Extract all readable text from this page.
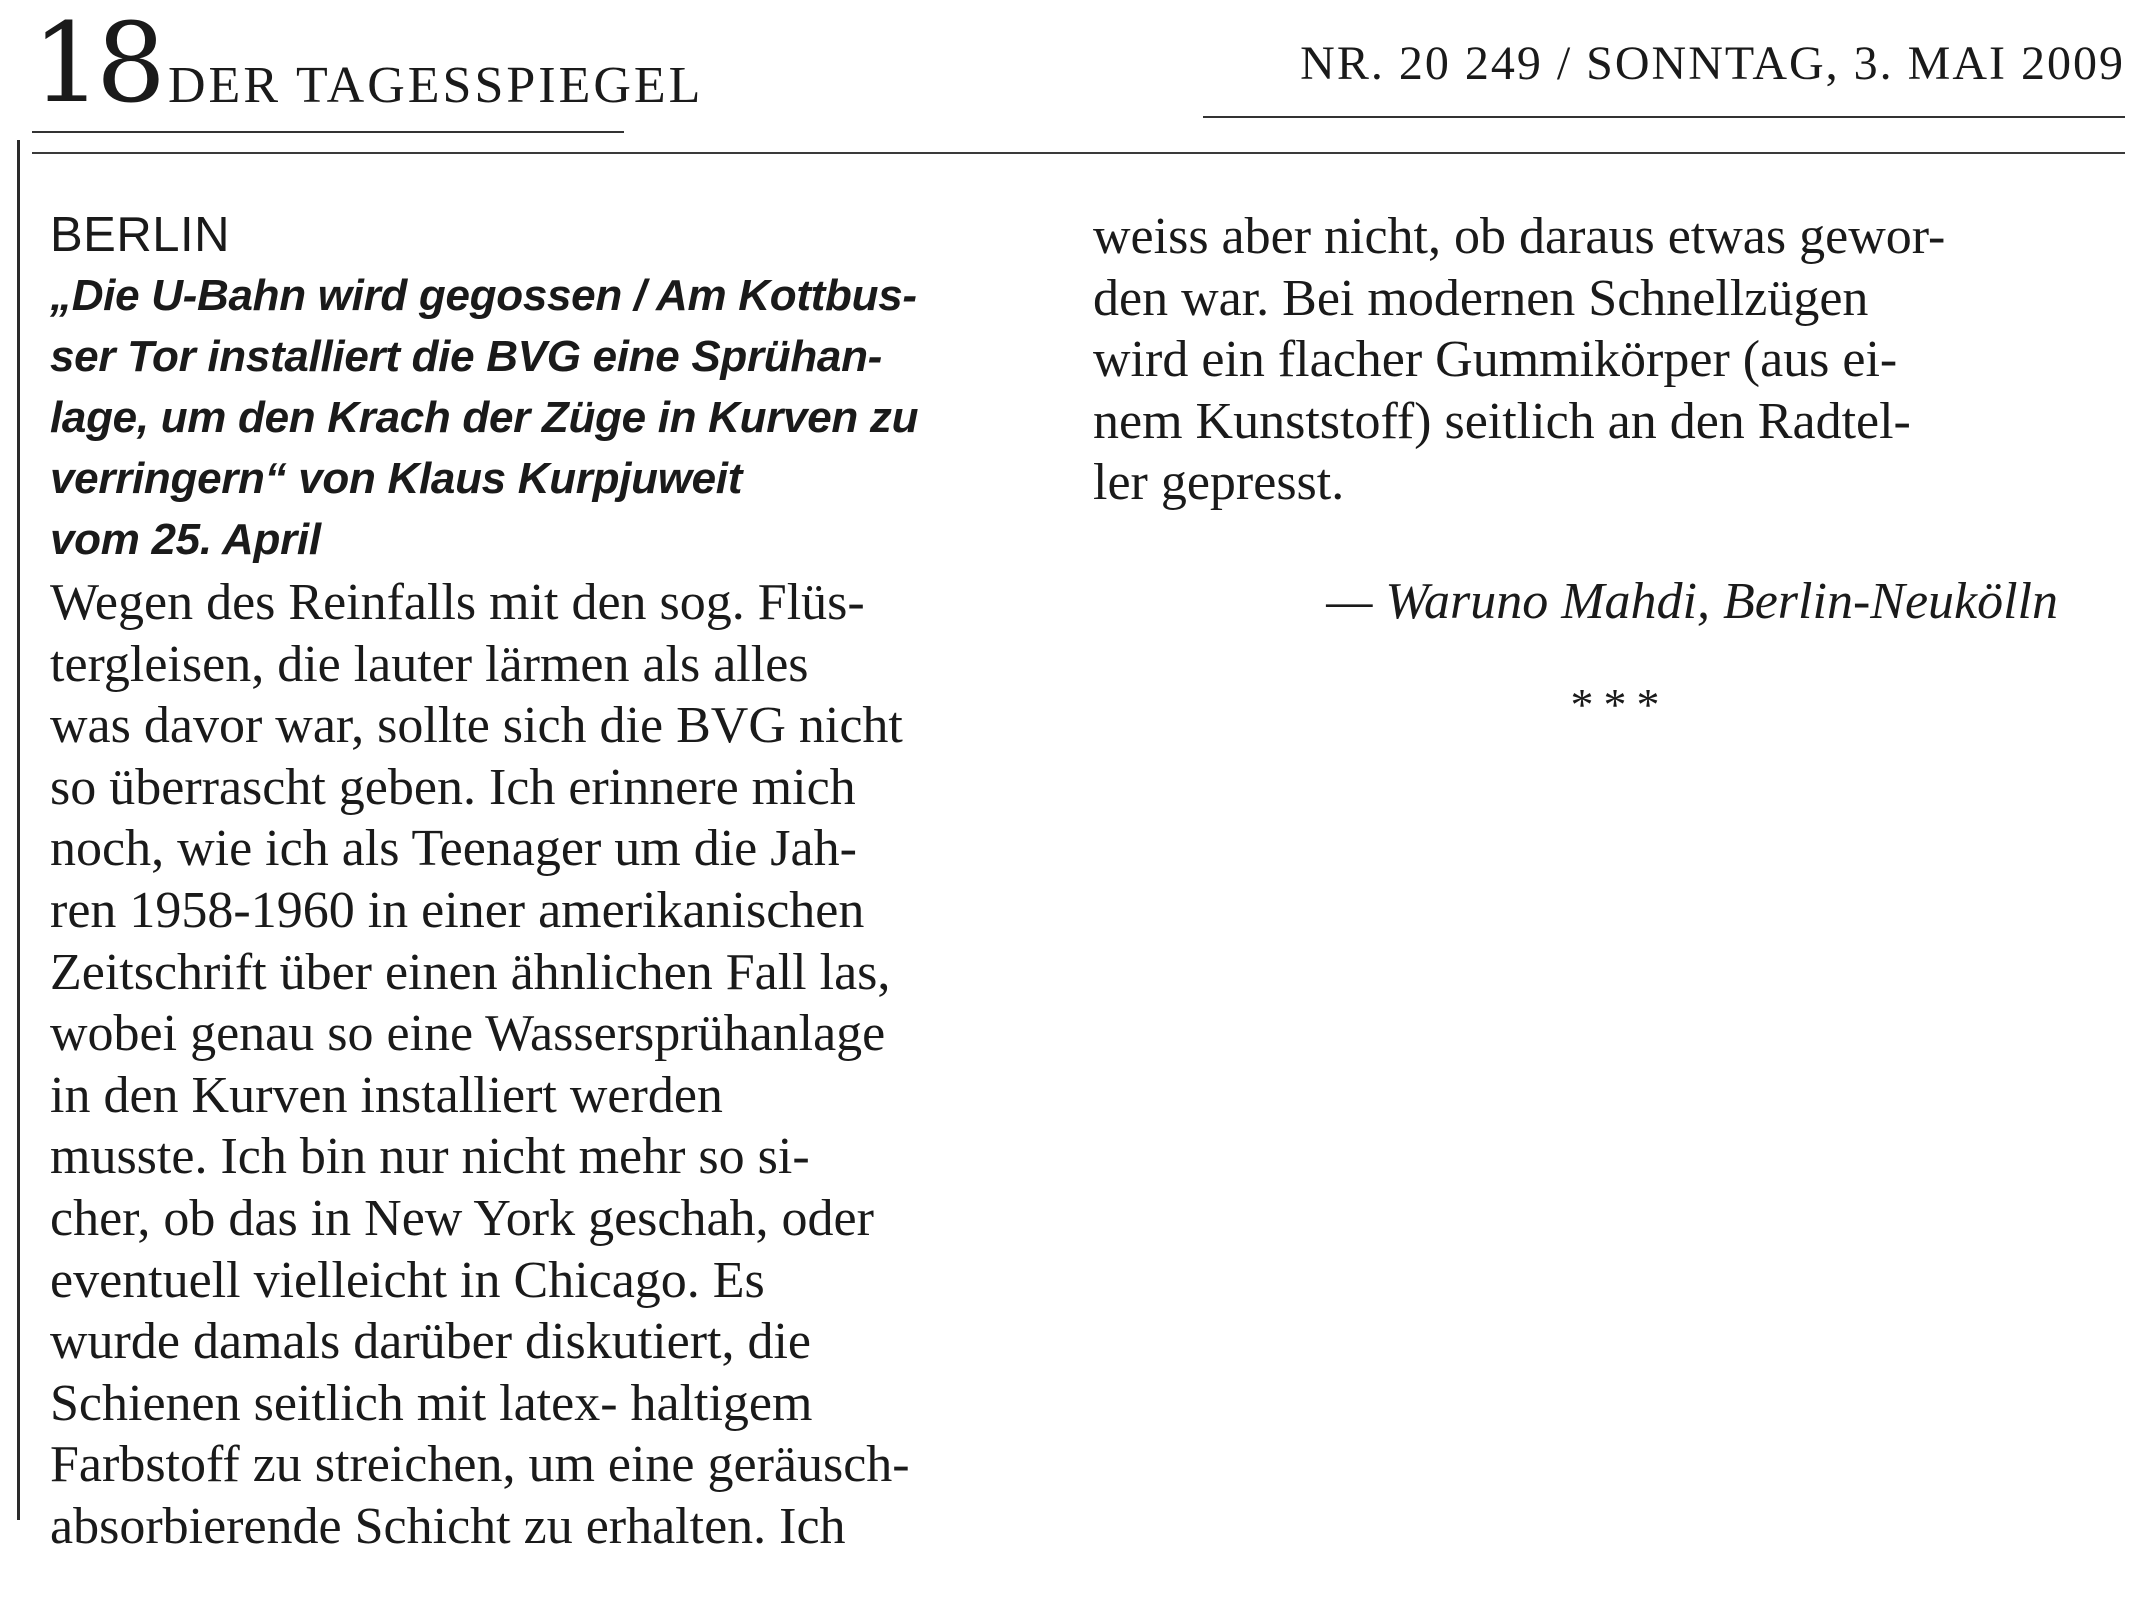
18 DER TAGESSPIEGEL	NR. 20 249 / SONNTAG, 3. MAI 2009
BERLIN
„Die U-Bahn wird gegossen / Am Kottbus-
ser Tor installiert die BVG eine Sprühan-
lage, um den Krach der Züge in Kurven zu
verringern“ von Klaus Kurpjuweit
vom 25. April
Wegen des Reinfalls mit den sog. Flüs-
tergleisen, die lauter lärmen als alles
was davor war, sollte sich die BVG nicht
so überrascht geben. Ich erinnere mich
noch, wie ich als Teenager um die Jah-
ren 1958-1960 in einer amerikanischen
Zeitschrift über einen ähnlichen Fall las,
wobei genau so eine Wassersprühanlage
in den Kurven installiert werden
musste. Ich bin nur nicht mehr so si-
cher, ob das in New York geschah, oder
eventuell vielleicht in Chicago. Es
wurde damals darüber diskutiert, die
Schienen seitlich mit latex- haltigem
Farbstoff zu streichen, um eine geräusch-
absorbierende Schicht zu erhalten. Ich
weiss aber nicht, ob daraus etwas gewor-
den war. Bei modernen Schnellzügen
wird ein flacher Gummikörper (aus ei-
nem Kunststoff) seitlich an den Radtel-
ler gepresst.
— Waruno Mahdi, Berlin-Neukölln
***
